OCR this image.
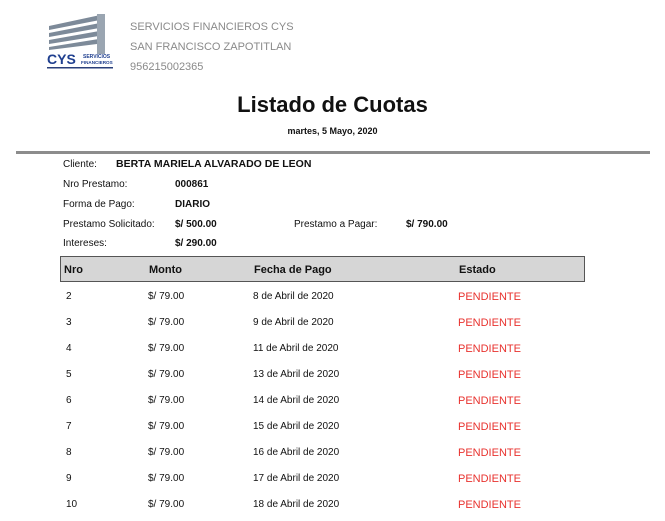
CYS SERVICIOS
FINANCIEROS
SERVICIOS FINANCIEROS CYS
SAN FRANCISCO ZAPOTITLAN
956215002365
Listado de Cuotas
martes, 5 Mayo, 2020
Cliente: BERTA MARIELA ALVARADO DE LEON
Nro Prestamo:	000861
Forma de Pago:	DIARIO
Prestamo Solicitado: $/ 500.00	Prestamo a Pagar:	$/ 790.00
Intereses:	$/ 290.00
Nro	Monto	Fecha de Pago	Estado
2	$/ 79.00	8 de Abril de 2020	PENDIENTE
3	$/ 79.00	9 de Abril de 2020	PENDIENTE
4	$/ 79.00	11 de Abril de 2020	PENDIENTE
5	$/ 79.00	13 de Abril de 2020	PENDIENTE
6	$/ 79.00	14 de Abril de 2020	PENDIENTE
7	$/ 79.00	15 de Abril de 2020	PENDIENTE
8	$/ 79.00	16 de Abril de 2020	PENDIENTE
9	$/ 79.00	17 de Abril de 2020	PENDIENTE
10	$/ 79.00	18 de Abril de 2020	PENDIENTE
